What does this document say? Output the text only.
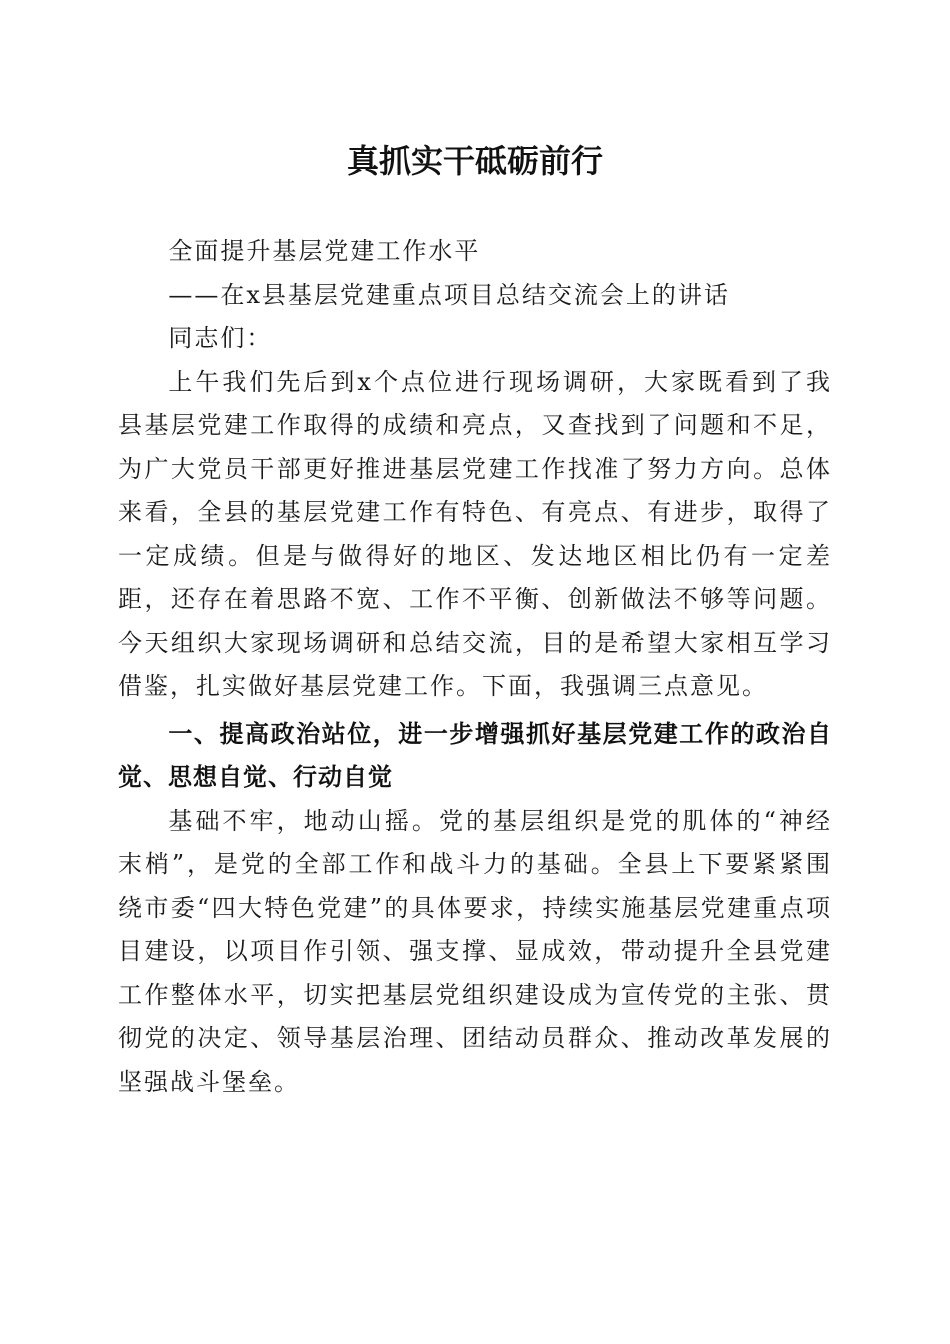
真抓实干砥砺前行

全面提升基层党建工作水平

——在x县基层党建重点项目总结交流会上的讲话

同志们：

上午我们先后到x个点位进行现场调研，大家既看到了我县基层党建工作取得的成绩和亮点，又查找到了问题和不足，为广大党员干部更好推进基层党建工作找准了努力方向。总体来看，全县的基层党建工作有特色、有亮点、有进步，取得了一定成绩。但是与做得好的地区、发达地区相比仍有一定差距，还存在着思路不宽、工作不平衡、创新做法不够等问题。今天组织大家现场调研和总结交流，目的是希望大家相互学习借鉴，扎实做好基层党建工作。下面，我强调三点意见。

一、提高政治站位，进一步增强抓好基层党建工作的政治自觉、思想自觉、行动自觉

基础不牢，地动山摇。党的基层组织是党的肌体的“神经末梢”，是党的全部工作和战斗力的基础。全县上下要紧紧围绕市委“四大特色党建”的具体要求，持续实施基层党建重点项目建设，以项目作引领、强支撑、显成效，带动提升全县党建工作整体水平，切实把基层党组织建设成为宣传党的主张、贯彻党的决定、领导基层治理、团结动员群众、推动改革发展的坚强战斗堡垒。
